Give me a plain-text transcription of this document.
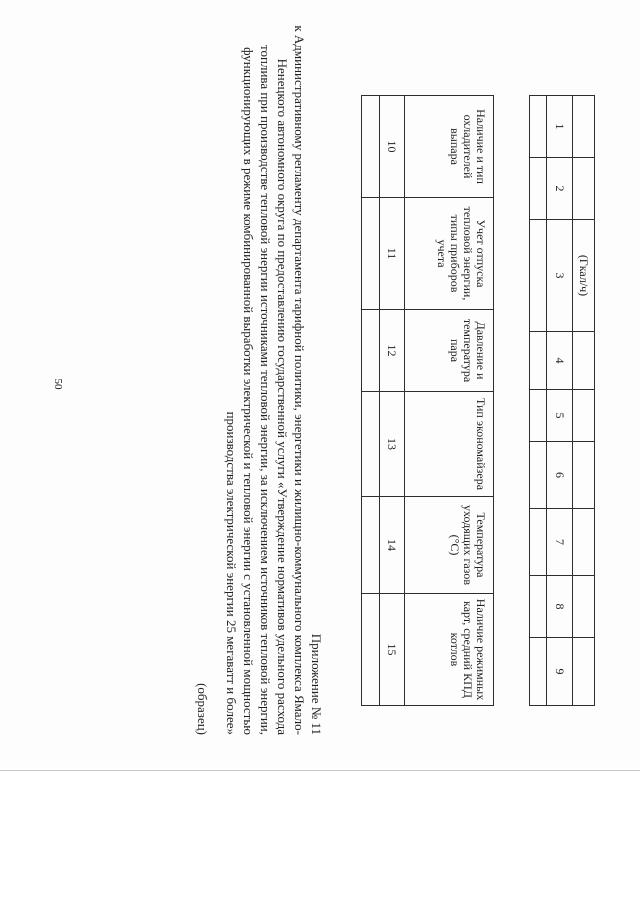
50
		(Гкал/ч)						
1	2	3	4	5	6	7	8	9

Наличие и тип охладителей выпара	Учет отпуска тепловой энергии, типы приборов учета	Давление и температура пара	Тип экономайзера	Температура уходящих газов (°С)	Наличие режимных карт, средний КПД котлов
10	11	12	13	14	15

Приложение № 11

к Административному регламенту департамента тарифной политики, энергетики и жилищно-коммунального комплекса Ямало-Ненецкого автономного округа по предоставлению государственной услуги «Утверждение нормативов удельного расхода топлива при производстве тепловой энергии источниками тепловой энергии, за исключением источников тепловой энергии, функционирующих в режиме комбинированной выработки электрической и тепловой энергии с установленной мощностью производства электрической энергии 25 мегаватт и более»

(образец)
